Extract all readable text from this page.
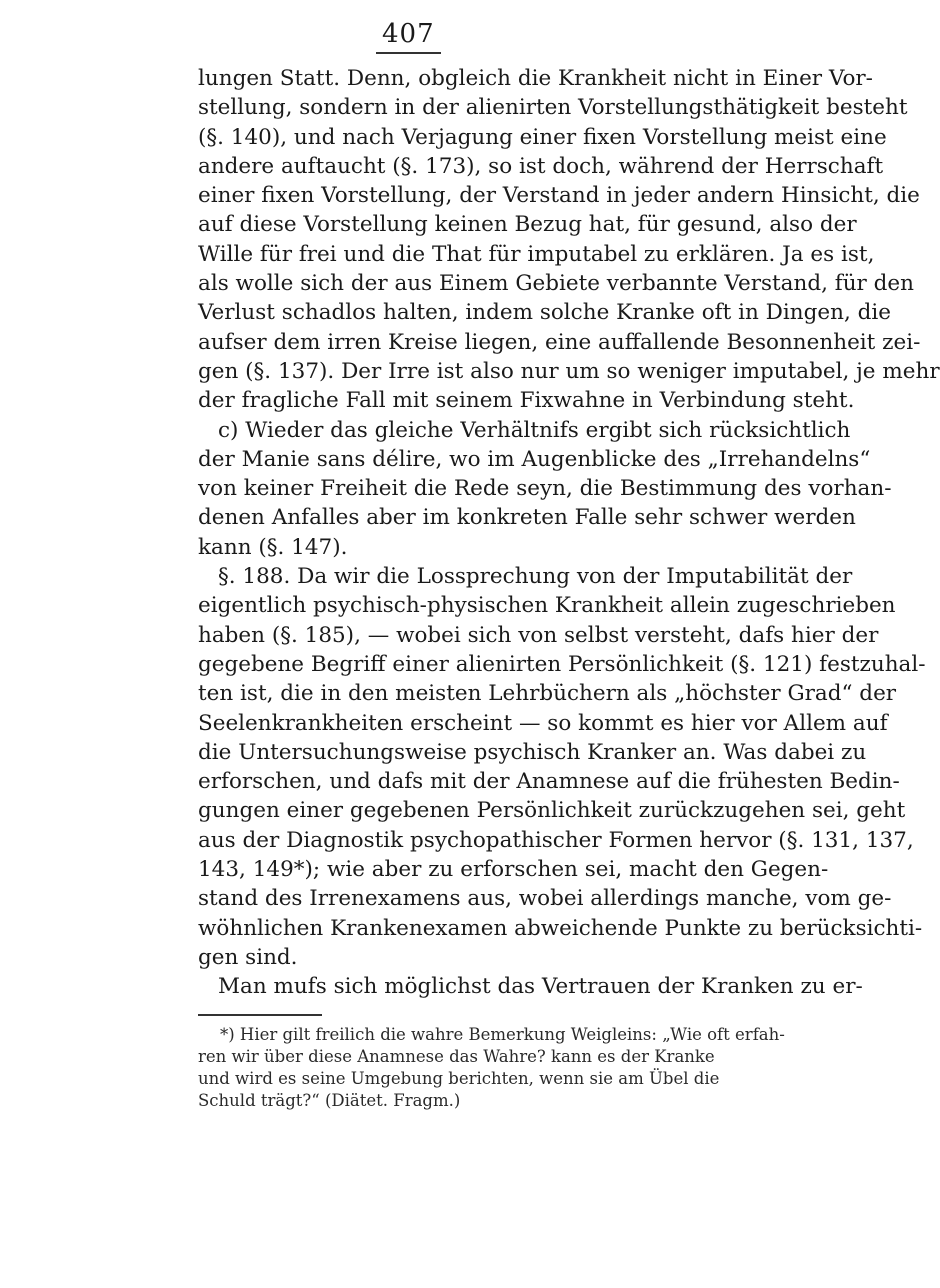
407
lungen Statt. Denn, obgleich die Krankheit nicht in Einer Vor-
stellung, sondern in der alienirten Vorstellungsthätigkeit besteht
(§. 140), und nach Verjagung einer fixen Vorstellung meist eine
andere auftaucht (§. 173), so ist doch, während der Herrschaft
einer fixen Vorstellung, der Verstand in jeder andern Hinsicht, die
auf diese Vorstellung keinen Bezug hat, für gesund, also der
Wille für frei und die That für imputabel zu erklären. Ja es ist,
als wolle sich der aus Einem Gebiete verbannte Verstand, für den
Verlust schadlos halten, indem solche Kranke oft in Dingen, die
aufser dem irren Kreise liegen, eine auffallende Besonnenheit zei-
gen (§. 137). Der Irre ist also nur um so weniger imputabel, je mehr
der fragliche Fall mit seinem Fixwahne in Verbindung steht.
c) Wieder das gleiche Verhältnifs ergibt sich rücksichtlich
der Manie sans délire, wo im Augenblicke des „Irrehandelns“
von keiner Freiheit die Rede seyn, die Bestimmung des vorhan-
denen Anfalles aber im konkreten Falle sehr schwer werden
kann (§. 147).
§. 188. Da wir die Lossprechung von der Imputabilität der
eigentlich psychisch-physischen Krankheit allein zugeschrieben
haben (§. 185), — wobei sich von selbst versteht, dafs hier der
gegebene Begriff einer alienirten Persönlichkeit (§. 121) festzuhal-
ten ist, die in den meisten Lehrbüchern als „höchster Grad“ der
Seelenkrankheiten erscheint — so kommt es hier vor Allem auf
die Untersuchungsweise psychisch Kranker an. Was dabei zu
erforschen, und dafs mit der Anamnese auf die frühesten Bedin-
gungen einer gegebenen Persönlichkeit zurückzugehen sei, geht
aus der Diagnostik psychopathischer Formen hervor (§. 131, 137,
143, 149*); wie aber zu erforschen sei, macht den Gegen-
stand des Irrenexamens aus, wobei allerdings manche, vom ge-
wöhnlichen Krankenexamen abweichende Punkte zu berücksichti-
gen sind.
Man mufs sich möglichst das Vertrauen der Kranken zu er-
*) Hier gilt freilich die wahre Bemerkung Weigleins: „Wie oft erfah-
ren wir über diese Anamnese das Wahre? kann es der Kranke
und wird es seine Umgebung berichten, wenn sie am Übel die
Schuld trägt?“ (Diätet. Fragm.)
